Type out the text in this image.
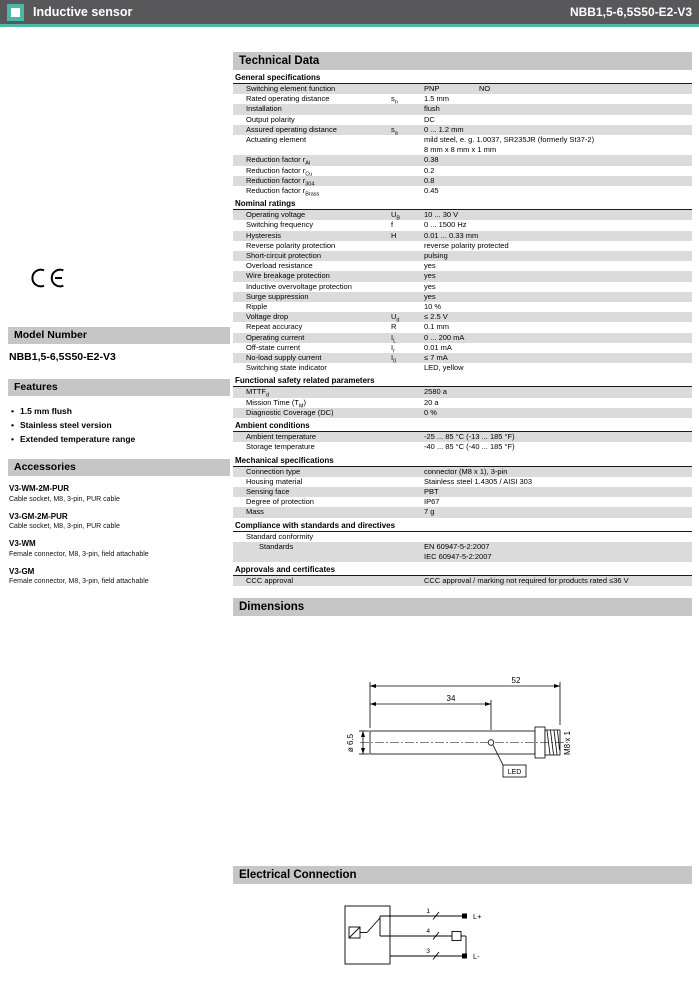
Inductive sensor	NBB1,5-6,5S50-E2-V3
Model Number
NBB1,5-6,5S50-E2-V3
Features
• 1.5 mm flush
• Stainless steel version
• Extended temperature range
Accessories
V3-WM-2M-PUR
Cable socket, M8, 3-pin, PUR cable
V3-GM-2M-PUR
Cable socket, M8, 3-pin, PUR cable
V3-WM
Female connector, M8, 3-pin, field attachable
V3-GM
Female connector, M8, 3-pin, field attachable
Technical Data
General specifications
Switching element function	PNP	NO
Rated operating distance	$s_n$	1.5 mm
Installation	flush
Output polarity	DC
Assured operating distance	$s_a$	0 ... 1.2 mm
Actuating element	mild steel, e. g. 1.0037, SR235JR (formerly St37-2)
8 mm x 8 mm x 1 mm
Reduction factor $r_{Al}$	0.38
Reduction factor $r_{Cu}$	0.2
Reduction factor $r_{304}$	0.8
Reduction factor $r_{Brass}$	0.45
Nominal ratings
Operating voltage	$U_B$	10 ... 30 V
Switching frequency	f	0 ... 1500 Hz
Hysteresis	H	0.01 ... 0.33 mm
Reverse polarity protection	reverse polarity protected
Short-circuit protection	pulsing
Overload resistance	yes
Wire breakage protection	yes
Inductive overvoltage protection	yes
Surge suppression	yes
Ripple	10 %
Voltage drop	$U_d$	≤ 2.5 V
Repeat accuracy	R	0.1 mm
Operating current	$I_L$	0 ... 200 mA
Off-state current	$I_r$	0.01 mA
No-load supply current	$I_0$	≤ 7 mA
Switching state indicator	LED, yellow
Functional safety related parameters
$MTTF_d$	2580 a
Mission Time $(T_M)$	20 a
Diagnostic Coverage (DC)	0 %
Ambient conditions
Ambient temperature	-25 ... 85 °C (-13 ... 185 °F)
Storage temperature	-40 ... 85 °C (-40 ... 185 °F)
Mechanical specifications
Connection type	connector (M8 x 1), 3-pin
Housing material	Stainless steel 1.4305 / AISI 303
Sensing face	PBT
Degree of protection	IP67
Mass	7 g
Compliance with standards and directives
Standard conformity
Standards	EN 60947-5-2:2007
IEC 60947-5-2:2007
Approvals and certificates
CCC approval	CCC approval / marking not required for products rated ≤36 V
Dimensions
52
34
ø 6.5	M8 x 1
LED
Electrical Connection
1
4
3
L+
L-
